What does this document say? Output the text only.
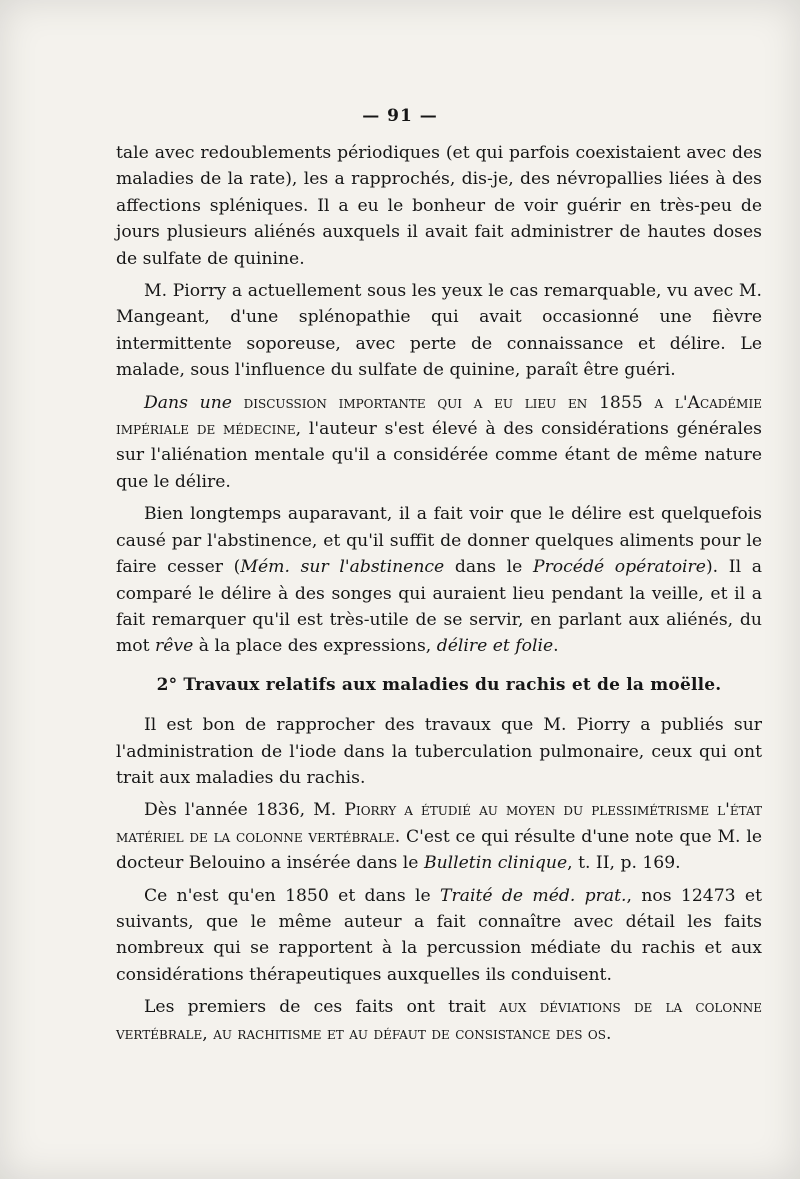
— 91 —

tale avec redoublements périodiques (et qui parfois coexistaient avec des maladies de la rate), les a rapprochés, dis-je, des névropallies liées à des affections spléniques. Il a eu le bonheur de voir guérir en très-peu de jours plusieurs aliénés auxquels il avait fait administrer de hautes doses de sulfate de quinine.

M. Piorry a actuellement sous les yeux le cas remarquable, vu avec M. Mangeant, d'une splénopathie qui avait occasionné une fièvre intermittente soporeuse, avec perte de connaissance et délire. Le malade, sous l'influence du sulfate de quinine, paraît être guéri.

Dans une discussion importante qui a eu lieu en 1855 a l'Académie impériale de médecine, l'auteur s'est élevé à des considérations générales sur l'aliénation mentale qu'il a considérée comme étant de même nature que le délire.

Bien longtemps auparavant, il a fait voir que le délire est quelquefois causé par l'abstinence, et qu'il suffit de donner quelques aliments pour le faire cesser (Mém. sur l'abstinence dans le Procédé opératoire). Il a comparé le délire à des songes qui auraient lieu pendant la veille, et il a fait remarquer qu'il est très-utile de se servir, en parlant aux aliénés, du mot rêve à la place des expressions, délire et folie.

2° Travaux relatifs aux maladies du rachis et de la moëlle.

Il est bon de rapprocher des travaux que M. Piorry a publiés sur l'administration de l'iode dans la tuberculation pulmonaire, ceux qui ont trait aux maladies du rachis.

Dès l'année 1836, M. Piorry a étudié au moyen du plessimétrisme l'état matériel de la colonne vertébrale. C'est ce qui résulte d'une note que M. le docteur Belouino a insérée dans le Bulletin clinique, t. II, p. 169.

Ce n'est qu'en 1850 et dans le Traité de méd. prat., nos 12473 et suivants, que le même auteur a fait connaître avec détail les faits nombreux qui se rapportent à la percussion médiate du rachis et aux considérations thérapeutiques auxquelles ils conduisent.

Les premiers de ces faits ont trait aux déviations de la colonne vertébrale, au rachitisme et au défaut de consistance des os.
